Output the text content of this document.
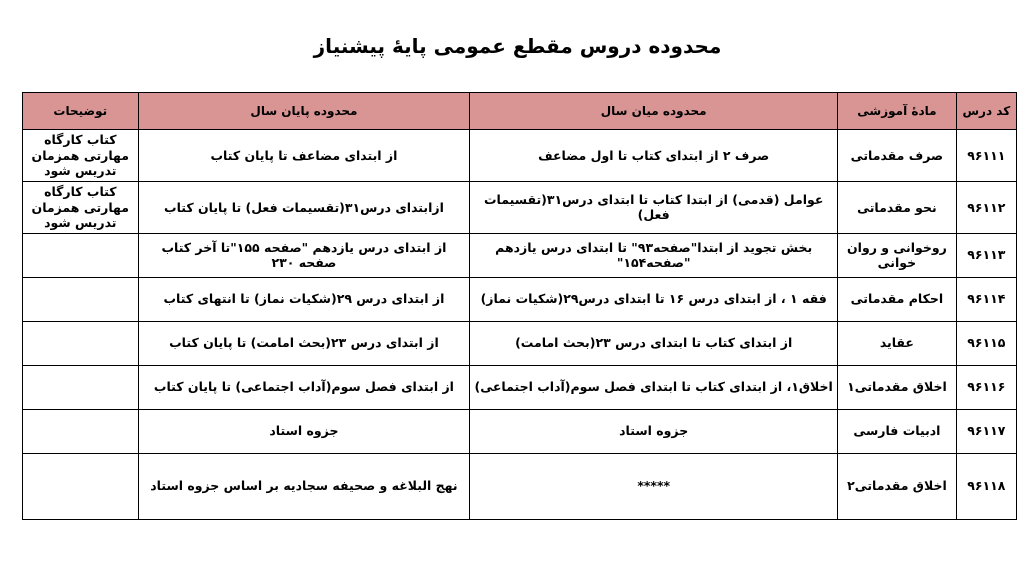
محدوده دروس مقطع عمومی پایۀ پیشنیاز
کد درس	مادۀ آموزشی	محدوده میان سال	محدوده پایان سال	توضیحات
۹۶۱۱۱	صرف مقدماتی	صرف ۲ از ابتدای کتاب تا اول مضاعف	از ابتدای مضاعف تا پایان کتاب	کتاب کارگاه مهارتی همزمان تدریس شود
۹۶۱۱۲	نحو مقدماتی	عوامل (قدمی) از ابتدا کتاب تا ابتدای درس۳۱(تقسیمات فعل)	ازابتدای درس۳۱(تقسیمات فعل) تا پایان کتاب	کتاب کارگاه مهارتی همزمان تدریس شود
۹۶۱۱۳	روخوانی و روان خوانی	بخش تجوید از ابتدا"صفحه۹۳" تا ابتدای درس یازدهم "صفحه۱۵۴"	از ابتدای درس یازدهم "صفحه ۱۵۵"تا آخر کتاب صفحه ۲۳۰	
۹۶۱۱۴	احکام مقدماتی	فقه ۱ ، از ابتدای درس ۱۶ تا ابتدای درس۲۹(شکیات نماز)	از ابتدای درس ۲۹(شکیات نماز) تا انتهای کتاب	
۹۶۱۱۵	عقاید	از ابتدای کتاب تا ابتدای درس ۲۳(بحث امامت)	از ابتدای درس ۲۳(بحث امامت) تا پایان کتاب	
۹۶۱۱۶	اخلاق مقدماتی۱	اخلاق۱، از ابتدای کتاب تا ابتدای فصل سوم(آداب اجتماعی)	از ابتدای فصل سوم(آداب اجتماعی) تا پایان کتاب	
۹۶۱۱۷	ادبیات فارسی	جزوه استاد	جزوه استاد	
۹۶۱۱۸	اخلاق مقدماتی۲	*****	نهج البلاغه و صحیفه سجادیه بر اساس جزوه استاد	
